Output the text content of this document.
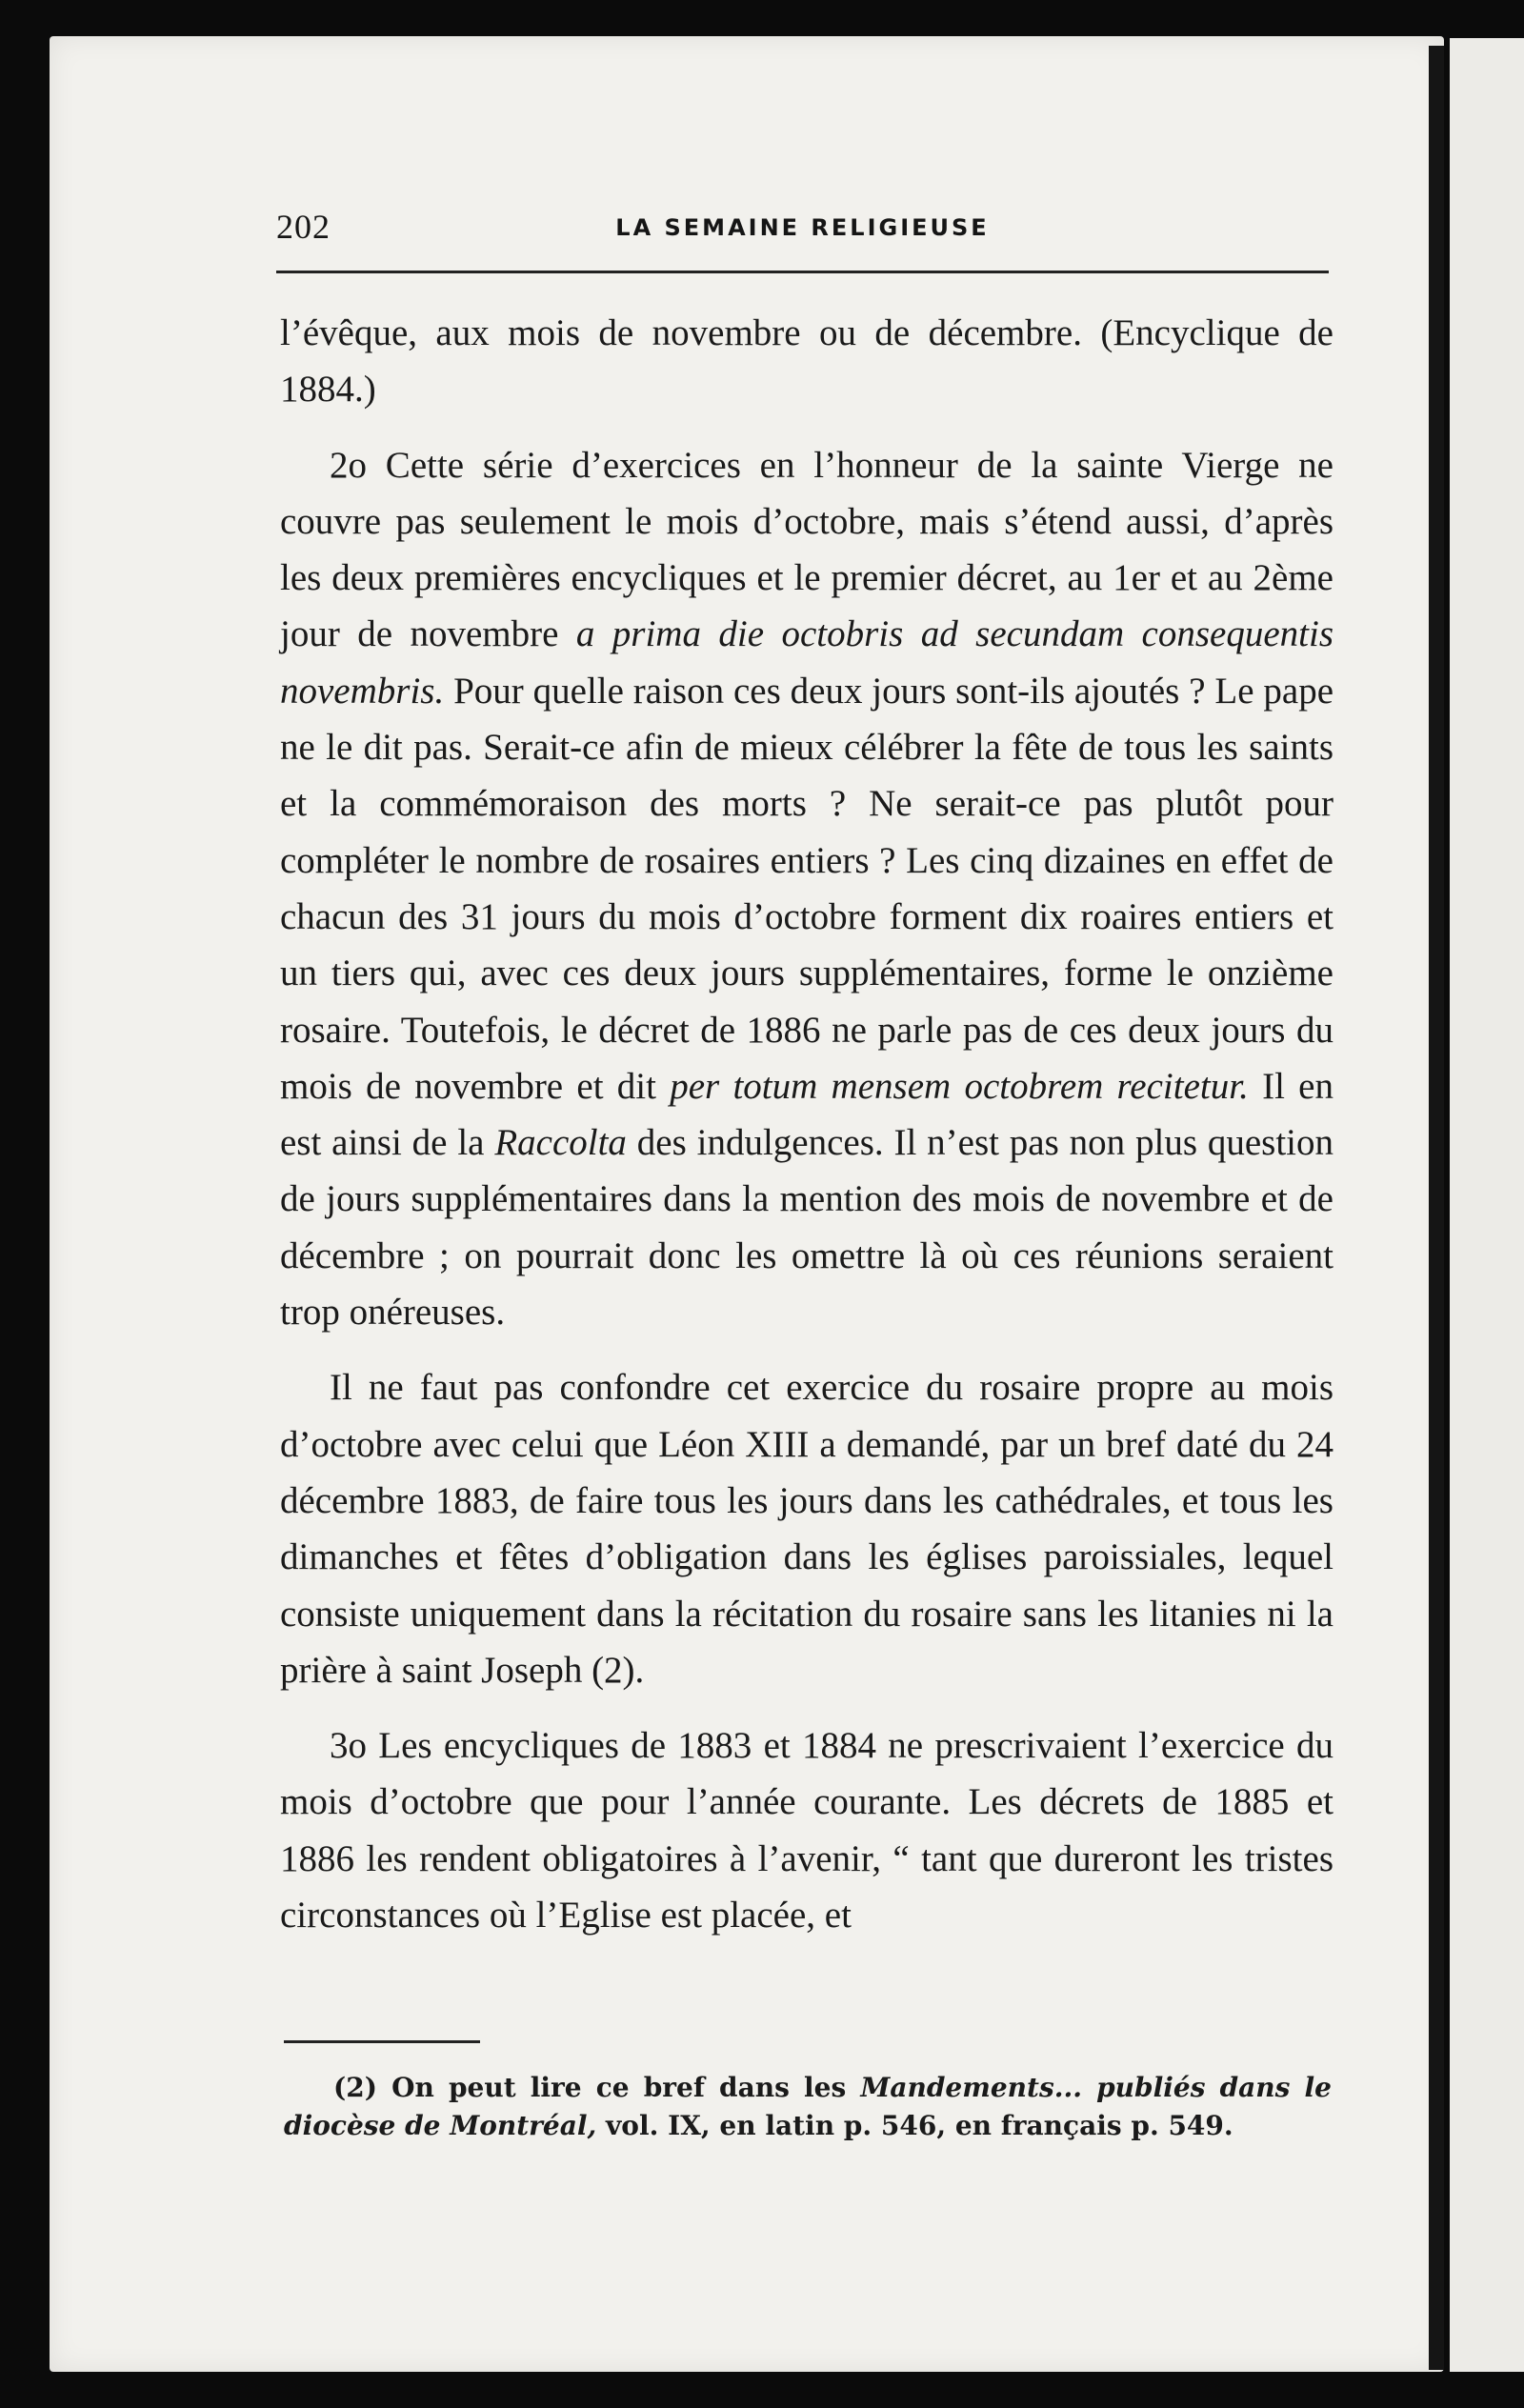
202	LA SEMAINE RELIGIEUSE

l’évêque, aux mois de novembre ou de décembre. (Encyclique de 1884.)

2o Cette série d’exercices en l’honneur de la sainte Vierge ne couvre pas seulement le mois d’octobre, mais s’étend aussi, d’après les deux premières encycliques et le premier décret, au 1er et au 2ème jour de novembre a prima die octobris ad secundam consequentis novembris. Pour quelle raison ces deux jours sont-ils ajoutés ? Le pape ne le dit pas. Serait-ce afin de mieux célébrer la fête de tous les saints et la commémoraison des morts ? Ne serait-ce pas plutôt pour compléter le nombre de rosaires entiers ? Les cinq dizaines en effet de chacun des 31 jours du mois d’octobre forment dix roaires entiers et un tiers qui, avec ces deux jours supplémentaires, forme le onzième rosaire. Toutefois, le décret de 1886 ne parle pas de ces deux jours du mois de novembre et dit per totum mensem octobrem recitetur. Il en est ainsi de la Raccolta des indulgences. Il n’est pas non plus question de jours supplémentaires dans la mention des mois de novembre et de décembre ; on pourrait donc les omettre là où ces réunions seraient trop onéreuses.

Il ne faut pas confondre cet exercice du rosaire propre au mois d’octobre avec celui que Léon XIII a demandé, par un bref daté du 24 décembre 1883, de faire tous les jours dans les cathédrales, et tous les dimanches et fêtes d’obligation dans les églises paroissiales, lequel consiste uniquement dans la récitation du rosaire sans les litanies ni la prière à saint Joseph (2).

3o Les encycliques de 1883 et 1884 ne prescrivaient l’exercice du mois d’octobre que pour l’année courante. Les décrets de 1885 et 1886 les rendent obligatoires à l’avenir, “ tant que dureront les tristes circonstances où l’Eglise est placée, et

(2) On peut lire ce bref dans les Mandements... publiés dans le diocèse de Montréal, vol. IX, en latin p. 546, en français p. 549.
